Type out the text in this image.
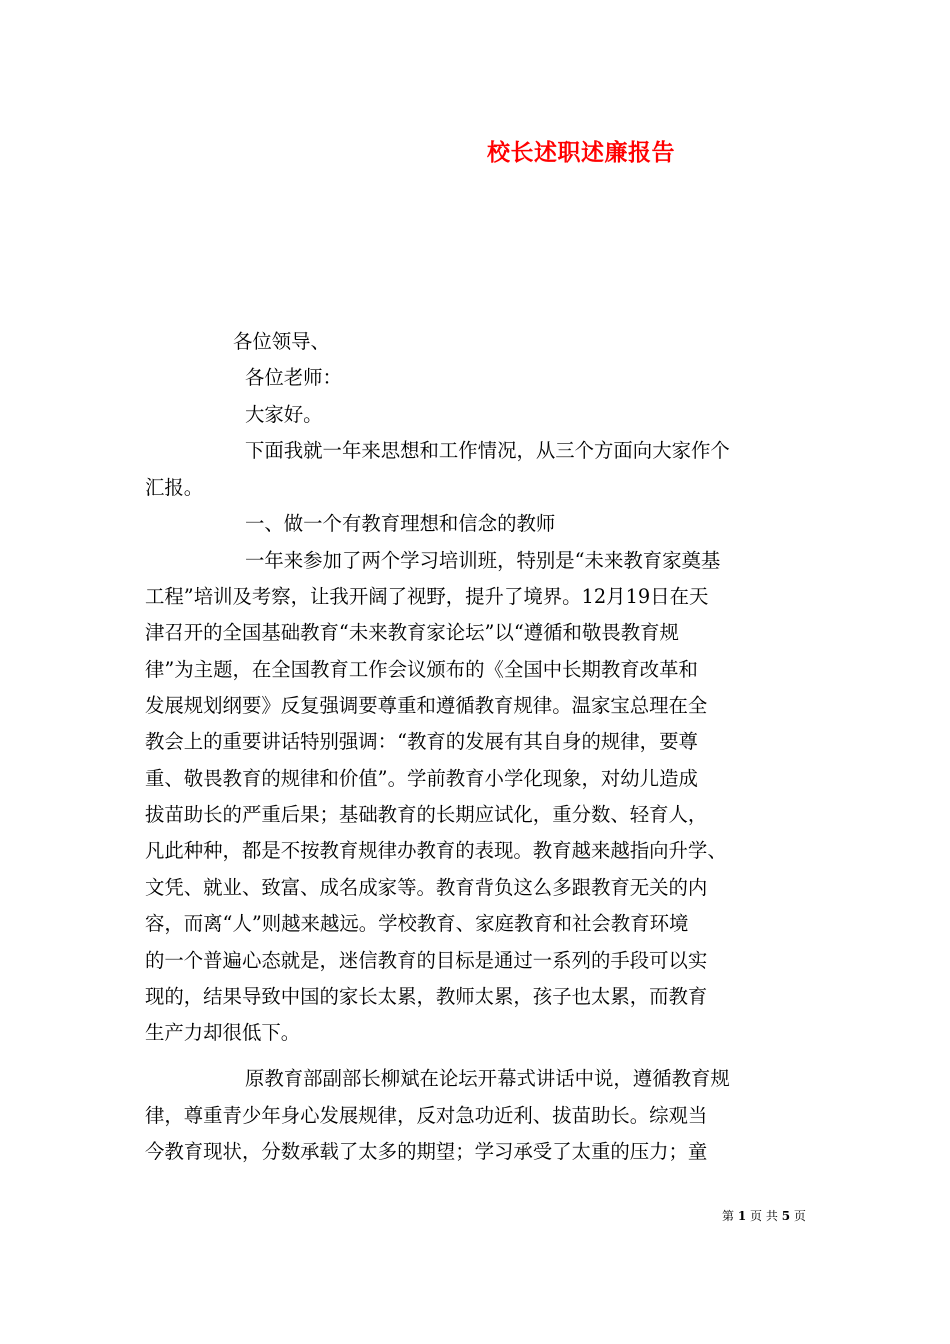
校长述职述廉报告
各位领导、
各位老师：
大家好。
下面我就一年来思想和工作情况，从三个方面向大家作个
汇报。
一、做一个有教育理想和信念的教师
一年来参加了两个学习培训班，特别是“未来教育家奠基
工程”培训及考察，让我开阔了视野，提升了境界。12月19日在天
津召开的全国基础教育“未来教育家论坛”以“遵循和敬畏教育规
律”为主题，在全国教育工作会议颁布的《全国中长期教育改革和
发展规划纲要》反复强调要尊重和遵循教育规律。温家宝总理在全
教会上的重要讲话特别强调：“教育的发展有其自身的规律，要尊
重、敬畏教育的规律和价值”。学前教育小学化现象，对幼儿造成
拔苗助长的严重后果；基础教育的长期应试化，重分数、轻育人，
凡此种种，都是不按教育规律办教育的表现。教育越来越指向升学、
文凭、就业、致富、成名成家等。教育背负这么多跟教育无关的内
容，而离“人”则越来越远。学校教育、家庭教育和社会教育环境
的一个普遍心态就是，迷信教育的目标是通过一系列的手段可以实
现的，结果导致中国的家长太累，教师太累，孩子也太累，而教育
生产力却很低下。
原教育部副部长柳斌在论坛开幕式讲话中说，遵循教育规
律，尊重青少年身心发展规律，反对急功近利、拔苗助长。综观当
今教育现状，分数承载了太多的期望；学习承受了太重的压力；童
第 1 页 共 5 页
